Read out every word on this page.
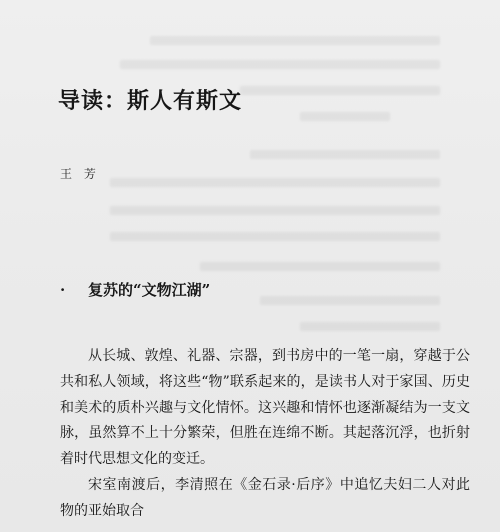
导读：斯人有斯文
王 芳
· 复苏的“文物江湖”

从长城、敦煌、礼器、宗器，到书房中的一笔一扇，穿越于公共和私人领域，将这些“物”联系起来的，是读书人对于家国、历史和美术的质朴兴趣与文化情怀。这兴趣和情怀也逐渐凝结为一支文脉，虽然算不上十分繁荣，但胜在连绵不断。其起落沉浮，也折射着时代思想文化的变迁。

宋室南渡后，李清照在《金石录·后序》中追忆夫妇二人对此物的亚始取合
